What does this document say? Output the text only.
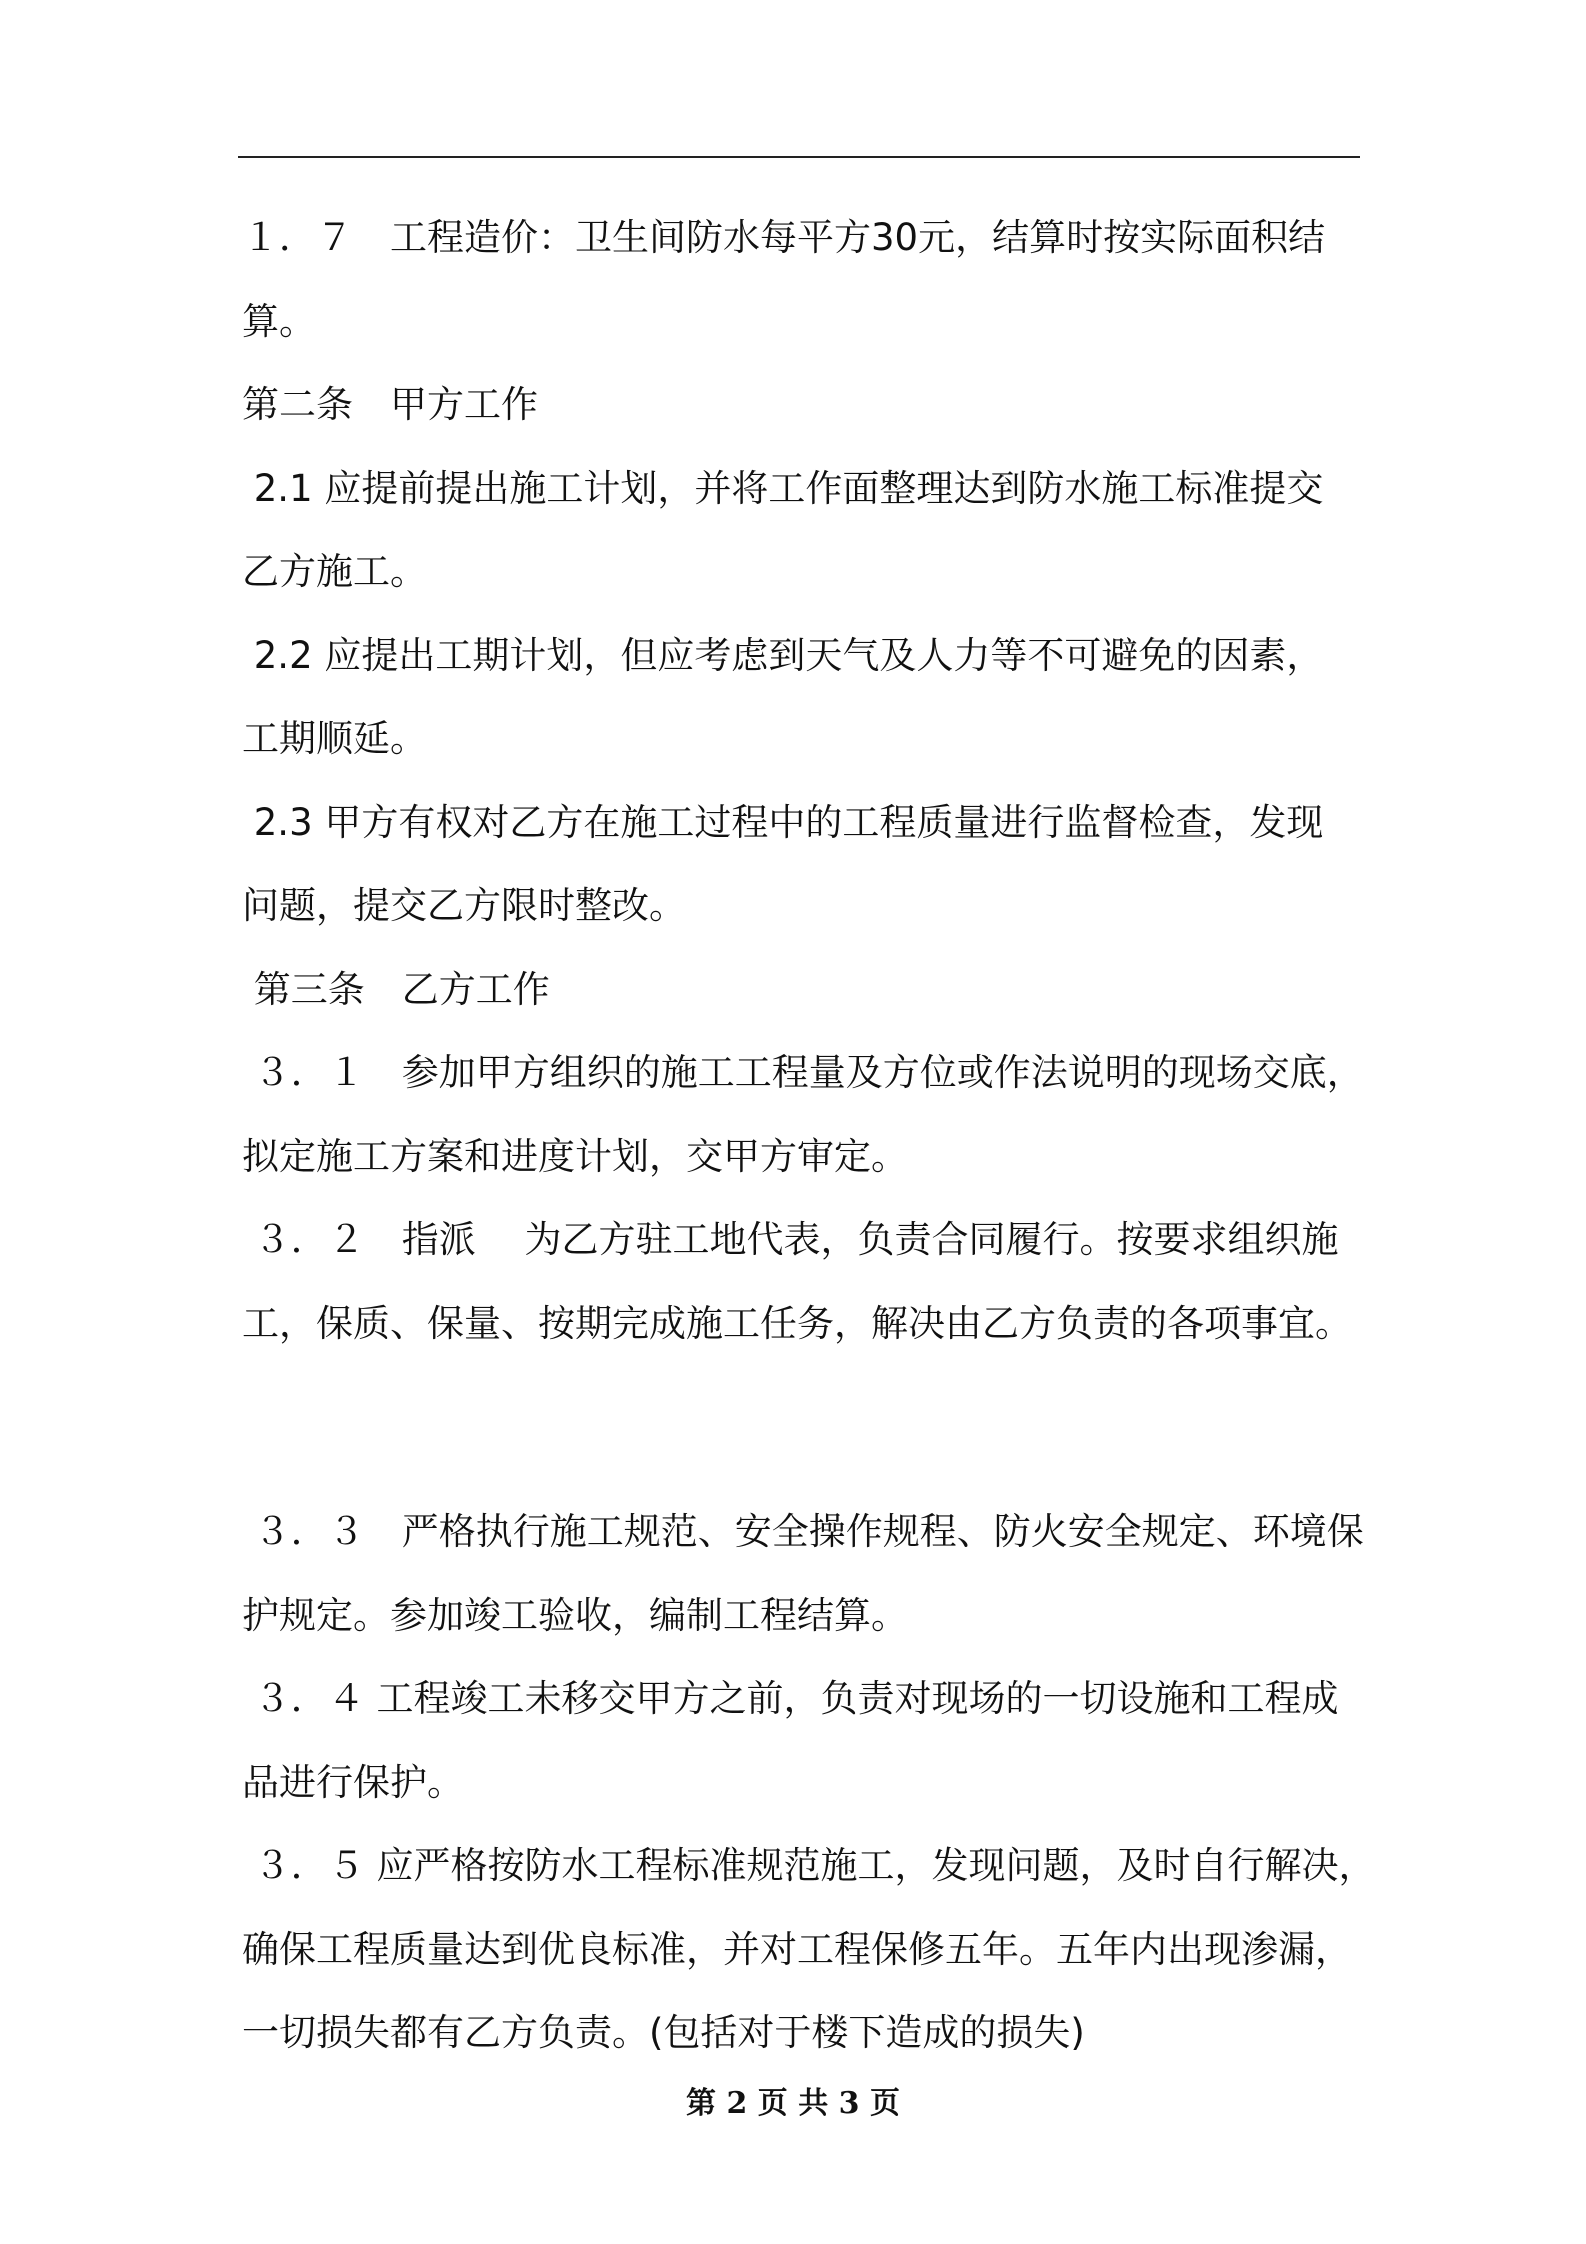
１．７　工程造价：卫生间防水每平方30元，结算时按实际面积结
算。
第二条　甲方工作
2.1 应提前提出施工计划，并将工作面整理达到防水施工标准提交
乙方施工。
2.2 应提出工期计划，但应考虑到天气及人力等不可避免的因素，
工期顺延。
2.3 甲方有权对乙方在施工过程中的工程质量进行监督检查，发现
问题，提交乙方限时整改。
第三条　乙方工作
３．１　参加甲方组织的施工工程量及方位或作法说明的现场交底，
拟定施工方案和进度计划，交甲方审定。
３．２　指派　 为乙方驻工地代表，负责合同履行。按要求组织施
工，保质、保量、按期完成施工任务，解决由乙方负责的各项事宜。
３．３　严格执行施工规范、安全操作规程、防火安全规定、环境保
护规定。参加竣工验收，编制工程结算。
３．４ 工程竣工未移交甲方之前，负责对现场的一切设施和工程成
品进行保护。
３．５ 应严格按防水工程标准规范施工，发现问题，及时自行解决，
确保工程质量达到优良标准，并对工程保修五年。五年内出现渗漏，
一切损失都有乙方负责。(包括对于楼下造成的损失)
第 2 页 共 3 页
